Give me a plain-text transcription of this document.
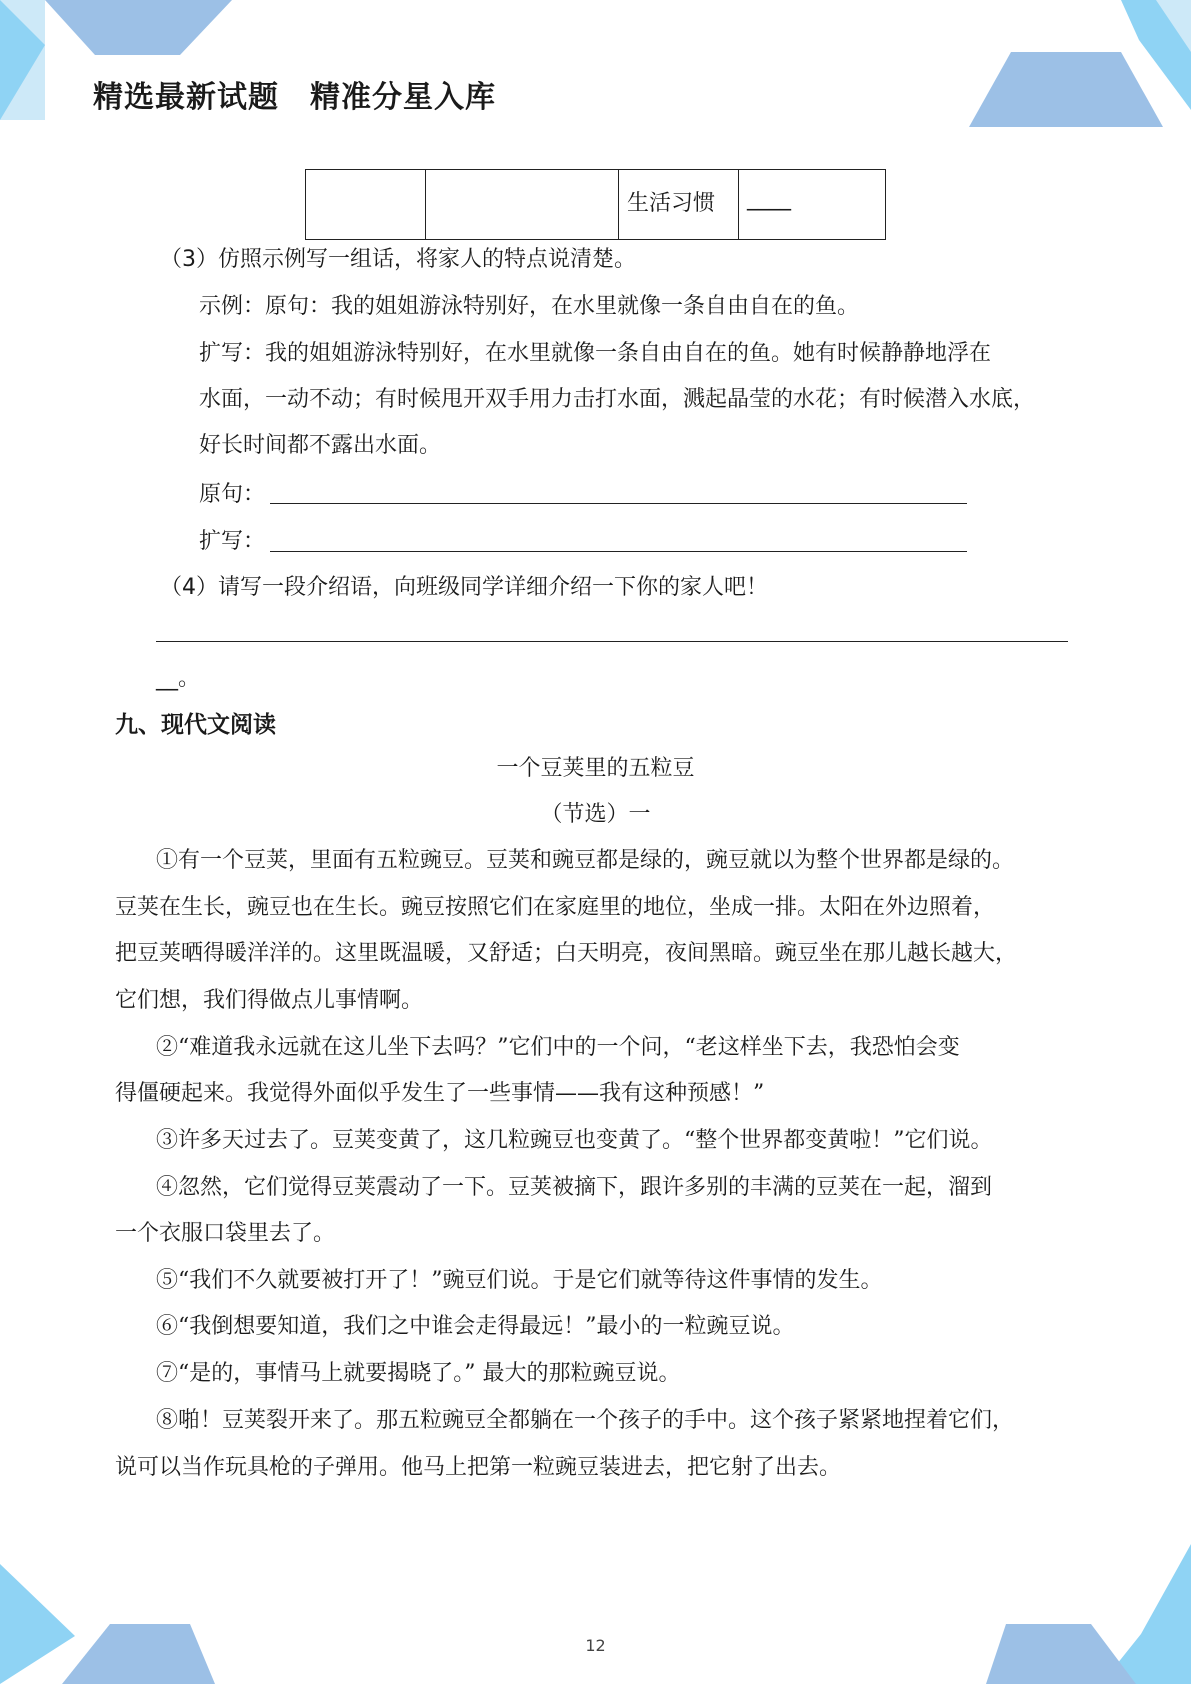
精选最新试题　精准分星入库
		生活习惯	____
（3）仿照示例写一组话，将家人的特点说清楚。
示例：原句：我的姐姐游泳特别好，在水里就像一条自由自在的鱼。
扩写：我的姐姐游泳特别好，在水里就像一条自由自在的鱼。她有时候静静地浮在
水面，一动不动；有时候甩开双手用力击打水面，溅起晶莹的水花；有时候潜入水底，
好长时间都不露出水面。
原句：
扩写：
（4）请写一段介绍语，向班级同学详细介绍一下你的家人吧！
__。
九、现代文阅读
一个豆荚里的五粒豆
（节选）一
①有一个豆荚，里面有五粒豌豆。豆荚和豌豆都是绿的，豌豆就以为整个世界都是绿的。
豆荚在生长，豌豆也在生长。豌豆按照它们在家庭里的地位，坐成一排。太阳在外边照着，
把豆荚晒得暖洋洋的。这里既温暖，又舒适；白天明亮，夜间黑暗。豌豆坐在那儿越长越大，
它们想，我们得做点儿事情啊。
②“难道我永远就在这儿坐下去吗？”它们中的一个问，“老这样坐下去，我恐怕会变
得僵硬起来。我觉得外面似乎发生了一些事情——我有这种预感！”
③许多天过去了。豆荚变黄了，这几粒豌豆也变黄了。“整个世界都变黄啦！”它们说。
④忽然，它们觉得豆荚震动了一下。豆荚被摘下，跟许多别的丰满的豆荚在一起，溜到
一个衣服口袋里去了。
⑤“我们不久就要被打开了！”豌豆们说。于是它们就等待这件事情的发生。
⑥“我倒想要知道，我们之中谁会走得最远！”最小的一粒豌豆说。
⑦“是的，事情马上就要揭晓了。” 最大的那粒豌豆说。
⑧啪！豆荚裂开来了。那五粒豌豆全都躺在一个孩子的手中。这个孩子紧紧地捏着它们，
说可以当作玩具枪的子弹用。他马上把第一粒豌豆装进去，把它射了出去。
12
